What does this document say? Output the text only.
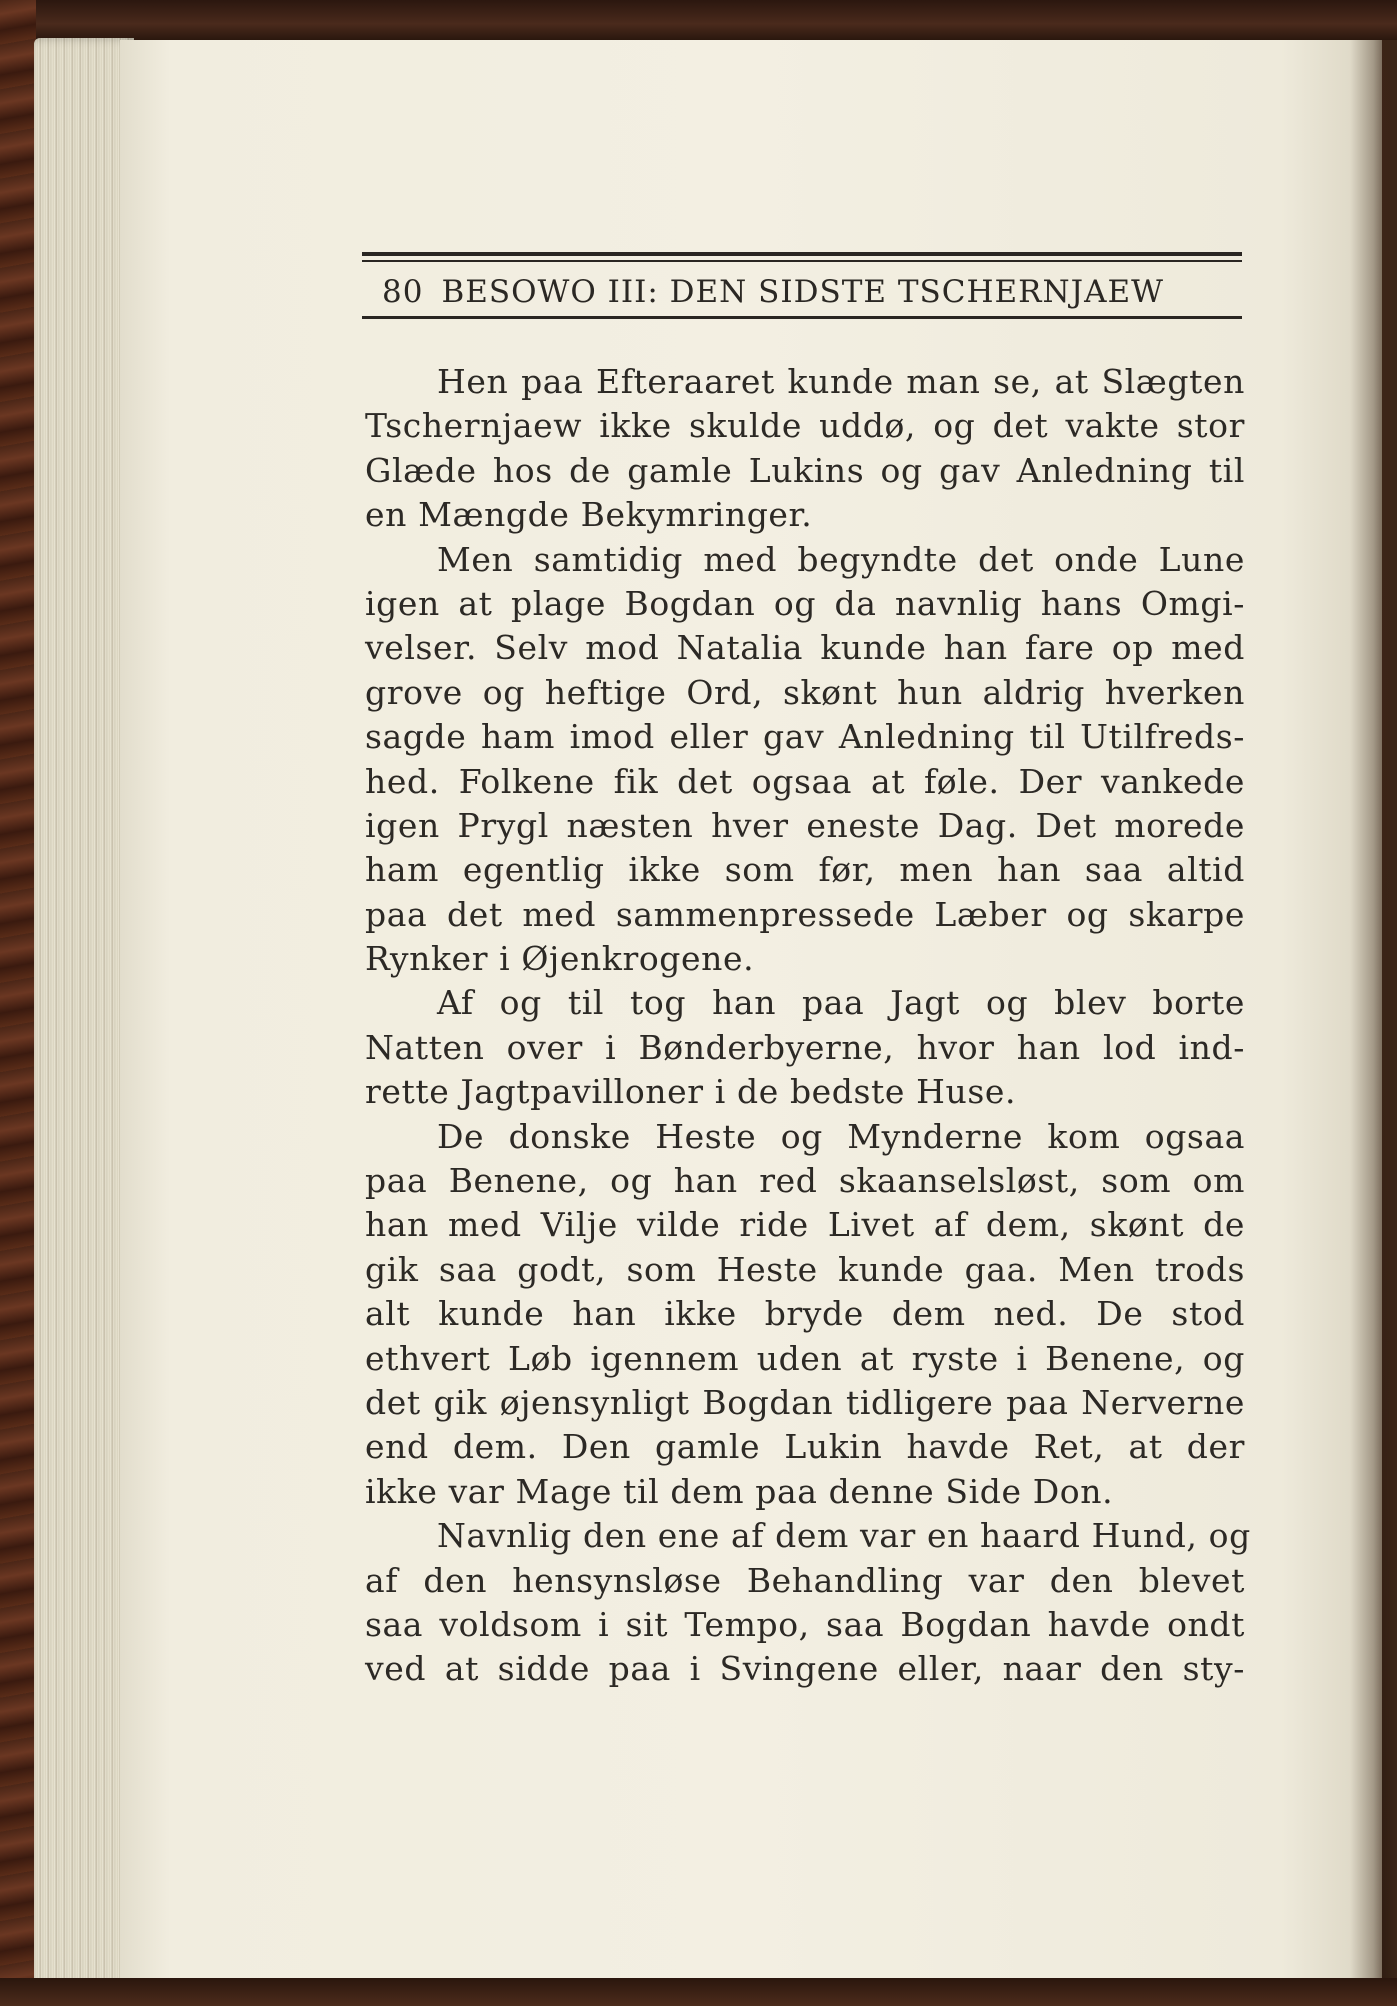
80 BESOWO III: DEN SIDSTE TSCHERNJAEW
Hen paa Efteraaret kunde man se, at Slægten
Tschernjaew ikke skulde uddø, og det vakte stor
Glæde hos de gamle Lukins og gav Anledning til
en Mængde Bekymringer.
Men samtidig med begyndte det onde Lune
igen at plage Bogdan og da navnlig hans Omgi-
velser. Selv mod Natalia kunde han fare op med
grove og heftige Ord, skønt hun aldrig hverken
sagde ham imod eller gav Anledning til Utilfreds-
hed. Folkene fik det ogsaa at føle. Der vankede
igen Prygl næsten hver eneste Dag. Det morede
ham egentlig ikke som før, men han saa altid
paa det med sammenpressede Læber og skarpe
Rynker i Øjenkrogene.
Af og til tog han paa Jagt og blev borte
Natten over i Bønderbyerne, hvor han lod ind-
rette Jagtpavilloner i de bedste Huse.
De donske Heste og Mynderne kom ogsaa
paa Benene, og han red skaanselsløst, som om
han med Vilje vilde ride Livet af dem, skønt de
gik saa godt, som Heste kunde gaa. Men trods
alt kunde han ikke bryde dem ned. De stod
ethvert Løb igennem uden at ryste i Benene, og
det gik øjensynligt Bogdan tidligere paa Nerverne
end dem. Den gamle Lukin havde Ret, at der
ikke var Mage til dem paa denne Side Don.
Navnlig den ene af dem var en haard Hund, og
af den hensynsløse Behandling var den blevet
saa voldsom i sit Tempo, saa Bogdan havde ondt
ved at sidde paa i Svingene eller, naar den sty-
